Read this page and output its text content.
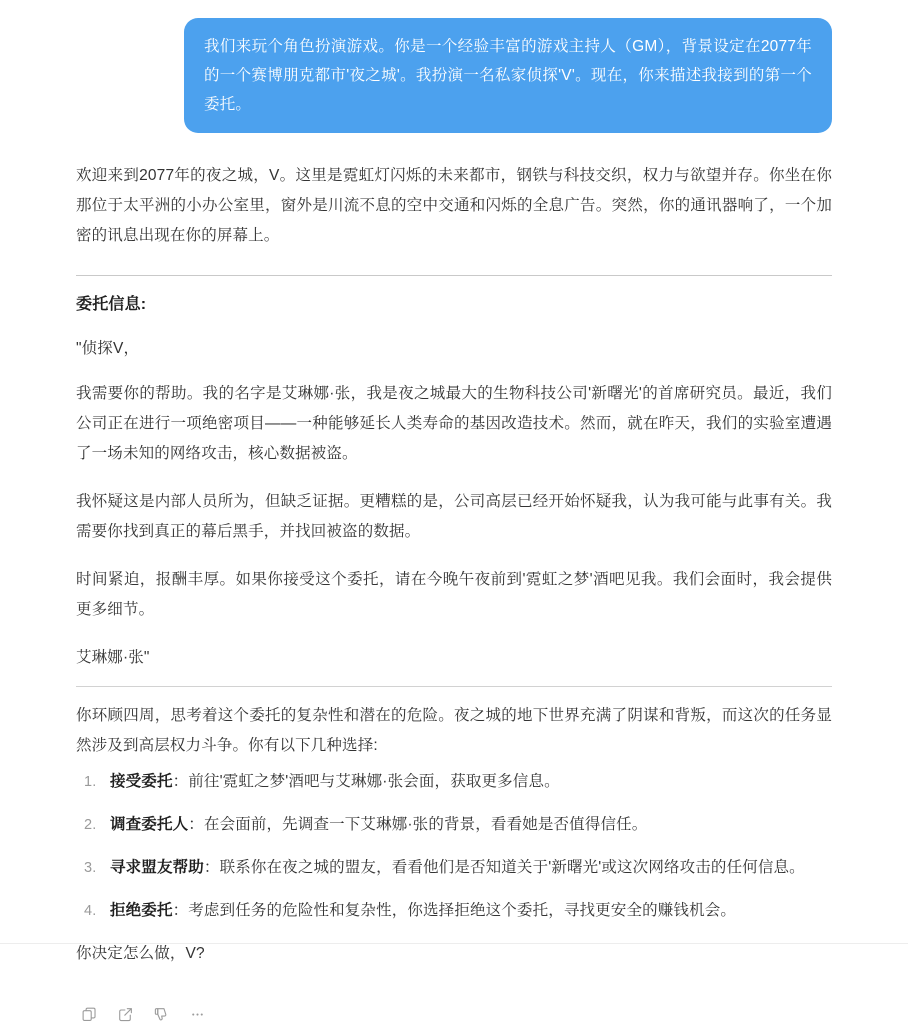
我们来玩个角色扮演游戏。你是一个经验丰富的游戏主持人（GM），背景设定在2077年的一个赛博朋克都市'夜之城'。我扮演一名私家侦探'V'。现在，你来描述我接到的第一个委托。

欢迎来到2077年的夜之城，V。这里是霓虹灯闪烁的未来都市，钢铁与科技交织，权力与欲望并存。你坐在你那位于太平洲的小办公室里，窗外是川流不息的空中交通和闪烁的全息广告。突然，你的通讯器响了，一个加密的讯息出现在你的屏幕上。

委托信息:

"侦探V，

我需要你的帮助。我的名字是艾琳娜·张，我是夜之城最大的生物科技公司'新曙光'的首席研究员。最近，我们公司正在进行一项绝密项目——一种能够延长人类寿命的基因改造技术。然而，就在昨天，我们的实验室遭遇了一场未知的网络攻击，核心数据被盗。

我怀疑这是内部人员所为，但缺乏证据。更糟糕的是，公司高层已经开始怀疑我，认为我可能与此事有关。我需要你找到真正的幕后黑手，并找回被盗的数据。

时间紧迫，报酬丰厚。如果你接受这个委托，请在今晚午夜前到'霓虹之梦'酒吧见我。我们会面时，我会提供更多细节。

艾琳娜·张"

你环顾四周，思考着这个委托的复杂性和潜在的危险。夜之城的地下世界充满了阴谋和背叛，而这次的任务显然涉及到高层权力斗争。你有以下几种选择:

接受委托：前往'霓虹之梦'酒吧与艾琳娜·张会面，获取更多信息。
调查委托人：在会面前，先调查一下艾琳娜·张的背景，看看她是否值得信任。
寻求盟友帮助：联系你在夜之城的盟友，看看他们是否知道关于'新曙光'或这次网络攻击的任何信息。
拒绝委托：考虑到任务的危险性和复杂性，你选择拒绝这个委托，寻找更安全的赚钱机会。

你决定怎么做，V?
